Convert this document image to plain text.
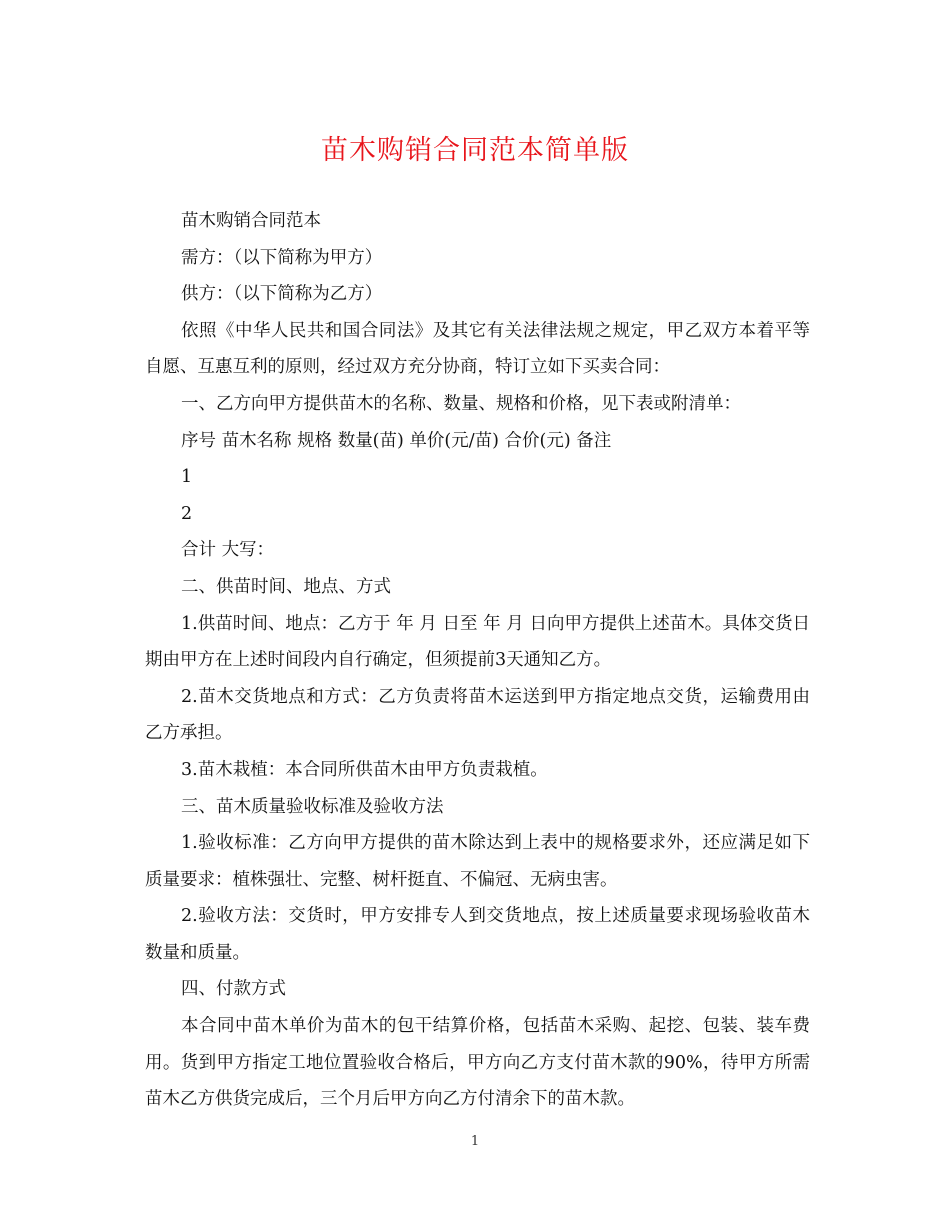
苗木购销合同范本简单版

苗木购销合同范本

需方：（以下简称为甲方）

供方：（以下简称为乙方）

依照《中华人民共和国合同法》及其它有关法律法规之规定，甲乙双方本着平等自愿、互惠互利的原则，经过双方充分协商，特订立如下买卖合同：

一、乙方向甲方提供苗木的名称、数量、规格和价格，见下表或附清单：

序号 苗木名称 规格 数量(苗) 单价(元/苗) 合价(元) 备注

1

2

合计 大写：

二、供苗时间、地点、方式

1.供苗时间、地点：乙方于 年 月 日至 年 月 日向甲方提供上述苗木。具体交货日期由甲方在上述时间段内自行确定，但须提前3天通知乙方。

2.苗木交货地点和方式：乙方负责将苗木运送到甲方指定地点交货，运输费用由乙方承担。

3.苗木栽植：本合同所供苗木由甲方负责栽植。

三、苗木质量验收标准及验收方法

1.验收标准：乙方向甲方提供的苗木除达到上表中的规格要求外，还应满足如下质量要求：植株强壮、完整、树杆挺直、不偏冠、无病虫害。

2.验收方法：交货时，甲方安排专人到交货地点，按上述质量要求现场验收苗木数量和质量。

四、付款方式

本合同中苗木单价为苗木的包干结算价格，包括苗木采购、起挖、包装、装车费用。货到甲方指定工地位置验收合格后，甲方向乙方支付苗木款的90%，待甲方所需苗木乙方供货完成后，三个月后甲方向乙方付清余下的苗木款。

1
